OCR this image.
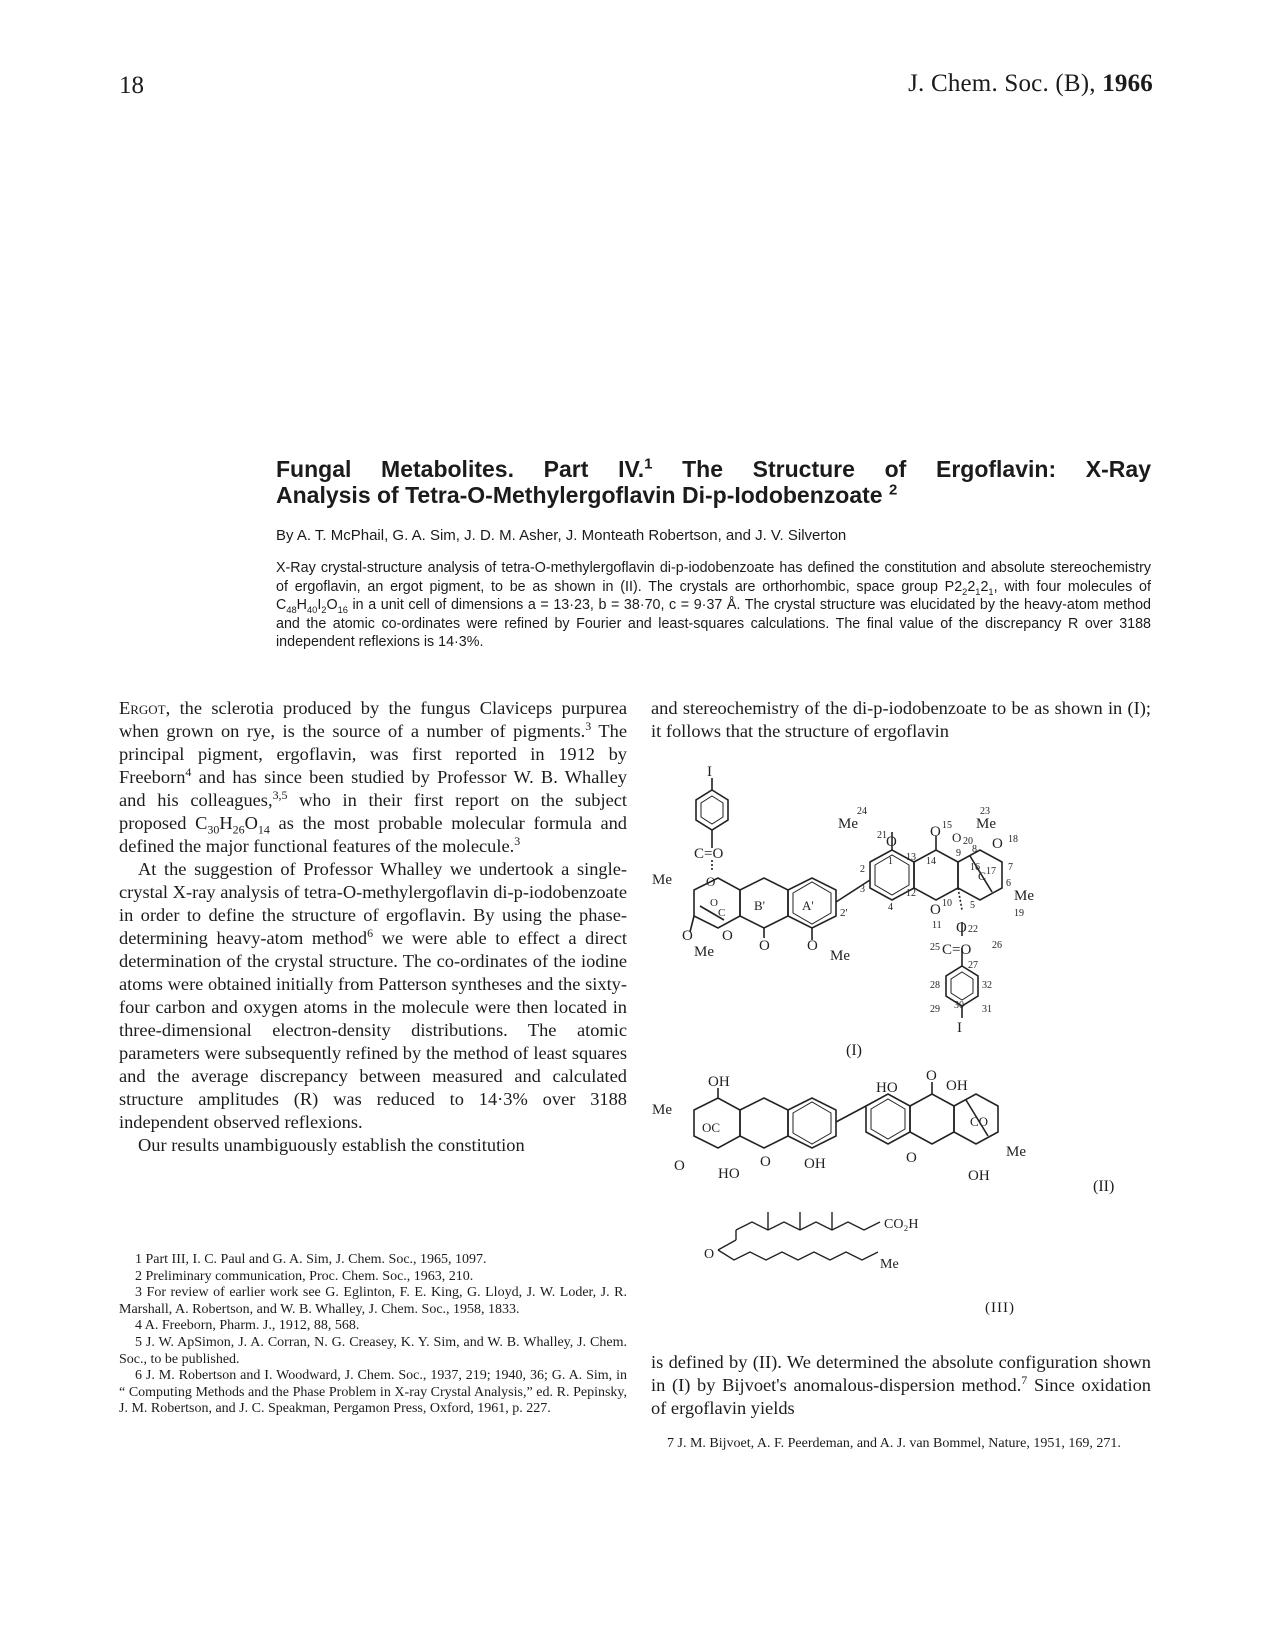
18	J. Chem. Soc. (B), 1966
Fungal Metabolites. Part IV.$^1$ The Structure of Ergoflavin: X-Ray
Analysis of Tetra-O-Methylergoflavin Di-p-Iodobenzoate $^2$
By A. T. McPhail, G. A. Sim, J. D. M. Asher, J. Monteath Robertson, and J. V. Silverton
X-Ray crystal-structure analysis of tetra-O-methylergoflavin di-p-iodobenzoate has defined the constitution and absolute stereochemistry of ergoflavin, an ergot pigment, to be as shown in (II). The crystals are orthorhombic, space group $P2_22_12_1$, with four molecules of $C_{48}H_{40}I_2O_{16}$ in a unit cell of dimensions a = 13·23, b = 38·70, c = 9·37 Å. The crystal structure was elucidated by the heavy-atom method and the atomic co-ordinates were refined by Fourier and least-squares calculations. The final value of the discrepancy R over 3188 independent reflexions is 14·3%.

Ergot, the sclerotia produced by the fungus Claviceps purpurea when grown on rye, is the source of a number of pigments.$^3$ The principal pigment, ergoflavin, was first reported in 1912 by Freeborn$^4$ and has since been studied by Professor W. B. Whalley and his colleagues,$^{3,5}$ who in their first report on the subject proposed $C_{30}H_{26}O_{14}$ as the most probable molecular formula and defined the major functional features of the molecule.$^3$

At the suggestion of Professor Whalley we undertook a single-crystal X-ray analysis of tetra-O-methylergoflavin di-p-iodobenzoate in order to define the structure of ergoflavin. By using the phase-determining heavy-atom method$^6$ we were able to effect a direct determination of the crystal structure. The co-ordinates of the iodine atoms were obtained initially from Patterson syntheses and the sixty-four carbon and oxygen atoms in the molecule were then located in three-dimensional electron-density distributions. The atomic parameters were subsequently refined by the method of least squares and the average discrepancy between measured and calculated structure amplitudes (R) was reduced to 14·3% over 3188 independent observed reflexions.

Our results unambiguously establish the constitution

1 Part III, I. C. Paul and G. A. Sim, J. Chem. Soc., 1965, 1097.

2 Preliminary communication, Proc. Chem. Soc., 1963, 210.

3 For review of earlier work see G. Eglinton, F. E. King, G. Lloyd, J. W. Loder, J. R. Marshall, A. Robertson, and W. B. Whalley, J. Chem. Soc., 1958, 1833.

4 A. Freeborn, Pharm. J., 1912, 88, 568.

5 J. W. ApSimon, J. A. Corran, N. G. Creasey, K. Y. Sim, and W. B. Whalley, J. Chem. Soc., to be published.

6 J. M. Robertson and I. Woodward, J. Chem. Soc., 1937, 219; 1940, 36; G. A. Sim, in “ Computing Methods and the Phase Problem in X-ray Crystal Analysis,” ed. R. Pepinsky, J. M. Robertson, and J. C. Speakman, Pergamon Press, Oxford, 1961, p. 227.

and stereochemistry of the di-p-iodobenzoate to be as shown in (I); it follows that the structure of ergoflavin
I
C=O
O
Me
O
C B'	A'
O O
Me	O O
Me
2'
Me
24
21 O
1
2
3
4
13
12
14
15
O O 20
23
Me
18
O
9 8
7
16
C 17
6
Me
19
O
11
10 5
O 22
25 C=O 26
27
28
29 30 31
32
I
OH
Me
OC
O HO
O OH
HO
O
OH
CO
Me
OH
O
CO₂H
Me
O
(I)
(II)
(III)
is defined by (II). We determined the absolute configuration shown in (I) by Bijvoet's anomalous-dispersion method.$^7$ Since oxidation of ergoflavin yields
7 J. M. Bijvoet, A. F. Peerdeman, and A. J. van Bommel, Nature, 1951, 169, 271.
